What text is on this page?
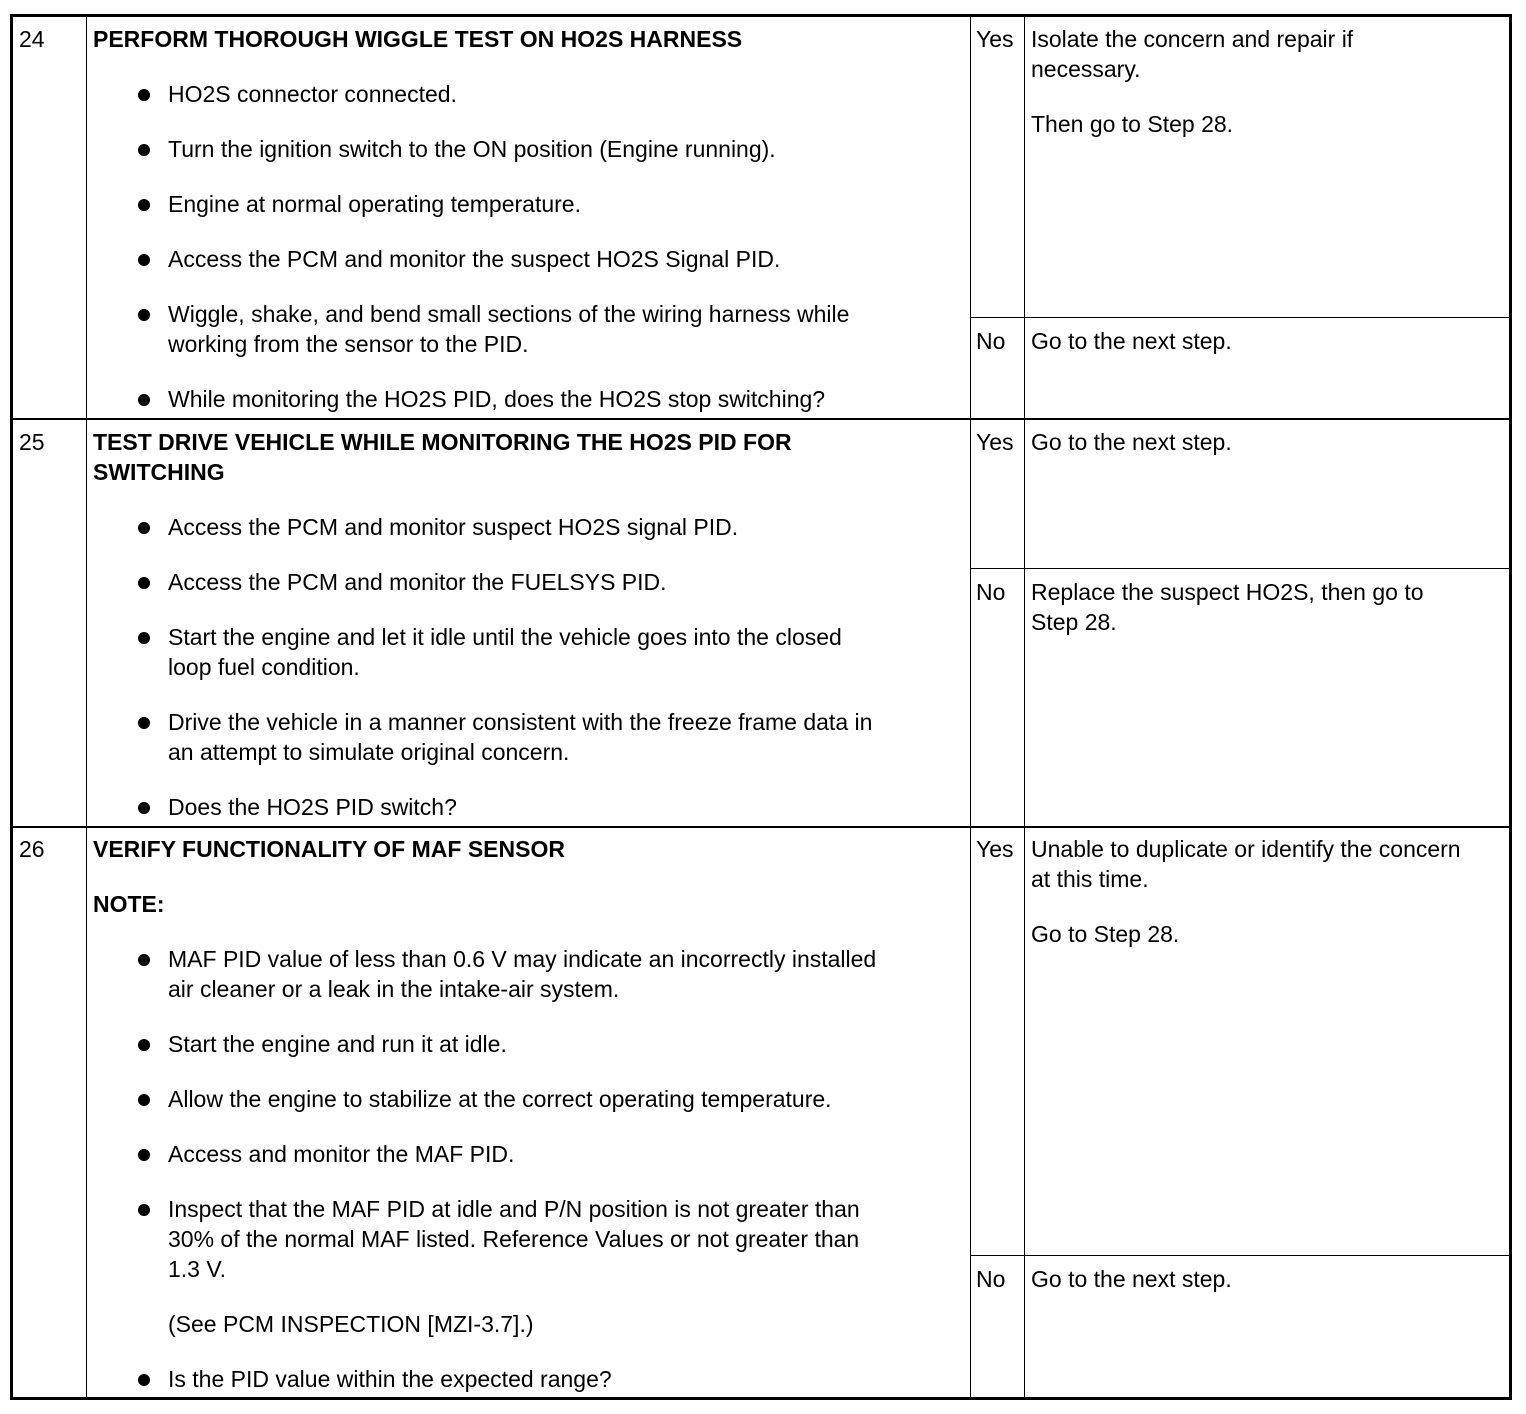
24 PERFORM THOROUGH WIGGLE TEST ON HO2S HARNESS
HO2S connector connected.
Turn the ignition switch to the ON position (Engine running).
Engine at normal operating temperature.
Access the PCM and monitor the suspect HO2S Signal PID.
Wiggle, shake, and bend small sections of the wiring harness while
working from the sensor to the PID.
While monitoring the HO2S PID, does the HO2S stop switching?
Yes Isolate the concern and repair if
necessary.
Then go to Step 28.
No Go to the next step.
25 TEST DRIVE VEHICLE WHILE MONITORING THE HO2S PID FOR
SWITCHING
Access the PCM and monitor suspect HO2S signal PID.
Access the PCM and monitor the FUELSYS PID.
Start the engine and let it idle until the vehicle goes into the closed
loop fuel condition.
Drive the vehicle in a manner consistent with the freeze frame data in
an attempt to simulate original concern.
Does the HO2S PID switch?
Yes Go to the next step.
No Replace the suspect HO2S, then go to
Step 28.
26 VERIFY FUNCTIONALITY OF MAF SENSOR
NOTE:
MAF PID value of less than 0.6 V may indicate an incorrectly installed
air cleaner or a leak in the intake-air system.
Start the engine and run it at idle.
Allow the engine to stabilize at the correct operating temperature.
Access and monitor the MAF PID.
Inspect that the MAF PID at idle and P/N position is not greater than
30% of the normal MAF listed. Reference Values or not greater than
1.3 V.
(See PCM INSPECTION [MZI-3.7].)
Is the PID value within the expected range?
Yes Unable to duplicate or identify the concern
at this time.
Go to Step 28.
No Go to the next step.
